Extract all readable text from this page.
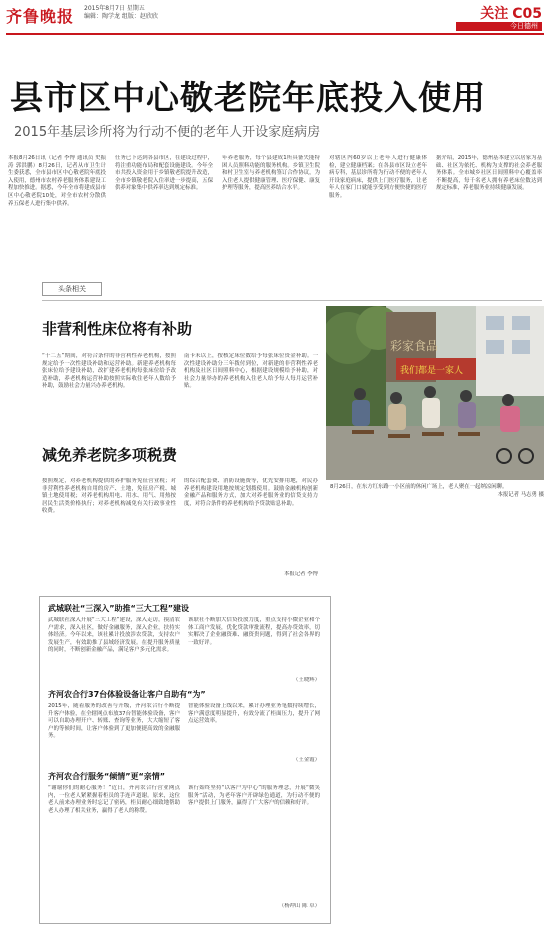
齐鲁晚报 2015年8月7日 星期五
编辑：陶学龙 组版：赵欣欣	关注 C05
今日德州
县市区中心敬老院年底投入使用
2015年基层诊所将为行动不便的老年人开设家庭病房
本报8月26日讯（记者 李博 通讯员 史振涛 郭洪鹏）8月26日，记者从市卫生计生委获悉，全市县市区中心敬老院年底投入使用，德州市农村养老服务体系建设工程加快推进。据悉，今年全市将建成县市区中心敬老院10处，对全市农村分散供养五保老人进行集中供养。
任务已下达到各县市区，在建设过程中，将注重功能布局和配套设施建设。今年全市共投入资金用于乡镇敬老院提升改造，全市乡镇敬老院入住率进一步提高，五保供养对象集中供养率达到规定标准。
年养老服务，每个县建成1所具备失能特困人员照料功能的服务机构。乡镇卫生院和村卫生室与养老机构签订合作协议，为入住老人提供健康管理、医疗保健、康复护理等服务，提高医养结合水平。
对辖区内60岁以上老年人进行健康体检，建立健康档案；在各县市区设立老年病专科，基层诊所将为行动不便的老年人开设家庭病床，提供上门医疗服务，让老年人在家门口就能享受到方便快捷的医疗服务。
据介绍，2015年，德州基本建立以居家为基础、社区为依托、机构为支撑的社会养老服务体系。全市城乡社区日间照料中心覆盖率不断提高，每千名老人拥有养老床位数达到规定标准，养老服务业持续健康发展。
头条相关
非营利性床位将有补助
“十二五”期间，对符合条件的非营利性养老机构，按照规定给予一次性建设补助和运营补助。新建养老机构每张床位给予建设补助，改扩建养老机构每张床位给予改造补助，养老机构运营补助按照实际收住老年人数给予补助，鼓励社会力量兴办养老机构。
南卡未以上，按核定床位数给予每张床位资金补助。一次性建设补助分三年拨付到位，对新建的非营利性养老机构及社区日间照料中心，根据建设规模给予补助，对社会力量举办的养老机构入住老人给予每人每月运营补贴。
减免养老院多项税费
按照规定，对养老机构提供的养护服务免征营业税；对非营利性养老机构自用的房产、土地，免征房产税、城镇土地使用税；对养老机构用电、用水、用气、用热按居民生活类价格执行；对养老机构减免有关行政事业性收费。
的综合配套费、消防设施费等，优先安排用地，对民办养老机构建设用地按规定划拨使用。鼓励金融机构创新金融产品和服务方式，加大对养老服务业的信贷支持力度，对符合条件的养老机构给予贷款贴息补助。
本报记者 李博
彩家食品
我们都是一家人
8月26日，在东方红东路一小区前的休闲广场上，老人聚在一起纳凉闲聊。
本报记者 马志勇 摄
武城联社“三深入”助推“三大工程”建设
武城联社深入开展“三大工程”建设，深入走访，摸清农户需求，深入社区，做好金融服务，深入企业，扶持实体经济。今年以来，该社累计投放涉农贷款，支持农户发展生产，有效助推了县域经济发展。在提升服务质量的同时，不断创新金融产品，满足客户多元化需求。
该联社不断加大信贷投放力度，重点支持小微企业和个体工商户发展，优化贷款审批流程，提高办贷效率，切实解决了企业融资难、融资贵问题，得到了社会各界的一致好评。
（王晓辉）
齐河农合行37台体验设备让客户自助有“为”
2015年，随着服务的改善与升级，齐河农合行不断提升客户体验，在全辖网点布放37台智能体验设备，客户可以自助办理开户、转账、查询等业务，大大缩短了客户的等候时间，让客户体验到了更加便捷高效的金融服务。
智能体验设备上线以来，累计办理业务笔数持续增长，客户满意度明显提升，有效分流了柜面压力，提升了网点运营效率。
（王金霞）
齐河农合行服务“倾情”更“亲情”
“谢谢你们的耐心服务！”近日，齐河农合行营业网点内，一位老人紧紧握着柜员的手连声道谢。原来，这位老人前来办理业务时忘记了密码，柜员耐心细致地帮助老人办理了相关业务，赢得了老人的称赞。
该行始终坚持“以客户为中心”的服务理念，开展“微笑服务”活动，为老年客户开辟绿色通道，为行动不便的客户提供上门服务，赢得了广大客户的信赖和好评。
（杨冲山 陈 卓）
